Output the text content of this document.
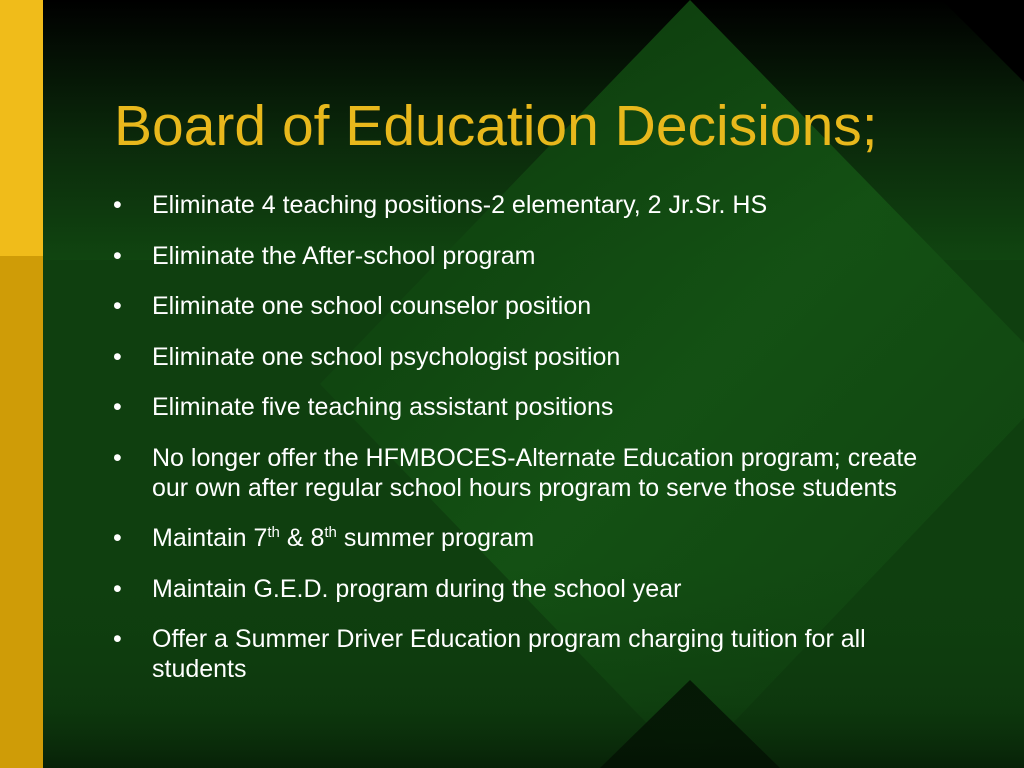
Board of Education Decisions;
• Eliminate 4 teaching positions-2 elementary, 2 Jr.Sr. HS
• Eliminate the After-school program
• Eliminate one school counselor position
• Eliminate one school psychologist position
• Eliminate five teaching assistant positions
• No longer offer the HFMBOCES-Alternate Education program; create our own after regular school hours program to serve those students
• Maintain 7th & 8th summer program
• Maintain G.E.D. program during the school year
• Offer a Summer Driver Education program charging tuition for all students
